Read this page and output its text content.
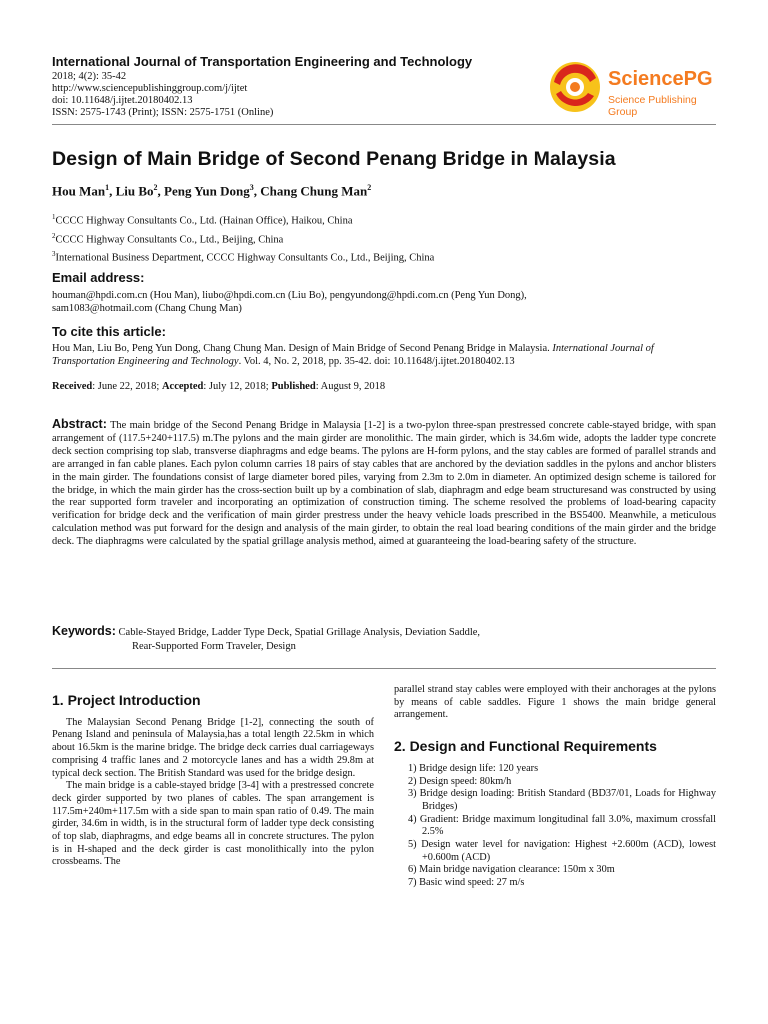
International Journal of Transportation Engineering and Technology
2018; 4(2): 35-42
http://www.sciencepublishinggroup.com/j/ijtet
doi: 10.11648/j.ijtet.20180402.13
ISSN: 2575-1743 (Print); ISSN: 2575-1751 (Online)
SciencePG
Science Publishing Group
Design of Main Bridge of Second Penang Bridge in Malaysia
Hou Man$^1$, Liu Bo$^2$, Peng Yun Dong$^3$, Chang Chung Man$^2$
$^1$CCCC Highway Consultants Co., Ltd. (Hainan Office), Haikou, China
$^2$CCCC Highway Consultants Co., Ltd., Beijing, China
$^3$International Business Department, CCCC Highway Consultants Co., Ltd., Beijing, China
Email address:
houman@hpdi.com.cn (Hou Man), liubo@hpdi.com.cn (Liu Bo), pengyundong@hpdi.com.cn (Peng Yun Dong),
sam1083@hotmail.com (Chang Chung Man)
To cite this article:
Hou Man, Liu Bo, Peng Yun Dong, Chang Chung Man. Design of Main Bridge of Second Penang Bridge in Malaysia. International Journal of Transportation Engineering and Technology. Vol. 4, No. 2, 2018, pp. 35-42. doi: 10.11648/j.ijtet.20180402.13
Received: June 22, 2018; Accepted: July 12, 2018; Published: August 9, 2018
Abstract: The main bridge of the Second Penang Bridge in Malaysia [1-2] is a two-pylon three-span prestressed concrete cable-stayed bridge, with span arrangement of (117.5+240+117.5) m.The pylons and the main girder are monolithic. The main girder, which is 34.6m wide, adopts the ladder type concrete deck section comprising top slab, transverse diaphragms and edge beams. The pylons are H-form pylons, and the stay cables are formed of parallel strands and are arranged in fan cable planes. Each pylon column carries 18 pairs of stay cables that are anchored by the deviation saddles in the pylons and anchor blisters in the main girder. The foundations consist of large diameter bored piles, varying from 2.3m to 2.0m in diameter. An optimized design scheme is tailored for the bridge, in which the main girder has the cross-section built up by a combination of slab, diaphragm and edge beam structuresand was constructed by using the rear supported form traveler and incorporating an optimization of construction timing. The scheme resolved the problems of load-bearing capacity verification for bridge deck and the verification of main girder prestress under the heavy vehicle loads prescribed in the BS5400. Meanwhile, a meticulous calculation method was put forward for the design and analysis of the main girder, to obtain the real load bearing conditions of the main girder and the bridge deck. The diaphragms were calculated by the spatial grillage analysis method, aimed at guaranteeing the load-bearing safety of the structure.
Keywords: Cable-Stayed Bridge, Ladder Type Deck, Spatial Grillage Analysis, Deviation Saddle,
Rear-Supported Form Traveler, Design
1. Project Introduction

The Malaysian Second Penang Bridge [1-2], connecting the south of Penang Island and peninsula of Malaysia,has a total length 22.5km in which about 16.5km is the marine bridge. The bridge deck carries dual carriageways comprising 4 traffic lanes and 2 motorcycle lanes and has a width 29.8m at typical deck section. The British Standard was used for the bridge design.

The main bridge is a cable-stayed bridge [3-4] with a prestressed concrete deck girder supported by two planes of cables. The span arrangement is 117.5m+240m+117.5m with a side span to main span ratio of 0.49. The main girder, 34.6m in width, is in the structural form of ladder type deck consisting of top slab, diaphragms, and edge beams all in concrete structures. The pylon is in H-shaped and the deck girder is cast monolithically into the pylon crossbeams. The

parallel strand stay cables were employed with their anchorages at the pylons by means of cable saddles. Figure 1 shows the main bridge general arrangement.

2. Design and Functional Requirements
1) Bridge design life: 120 years
2) Design speed: 80km/h
3) Bridge design loading: British Standard (BD37/01, Loads for Highway Bridges)
4) Gradient: Bridge maximum longitudinal fall 3.0%, maximum crossfall 2.5%
5) Design water level for navigation: Highest +2.600m (ACD), lowest +0.600m (ACD)
6) Main bridge navigation clearance: 150m x 30m
7) Basic wind speed: 27 m/s
